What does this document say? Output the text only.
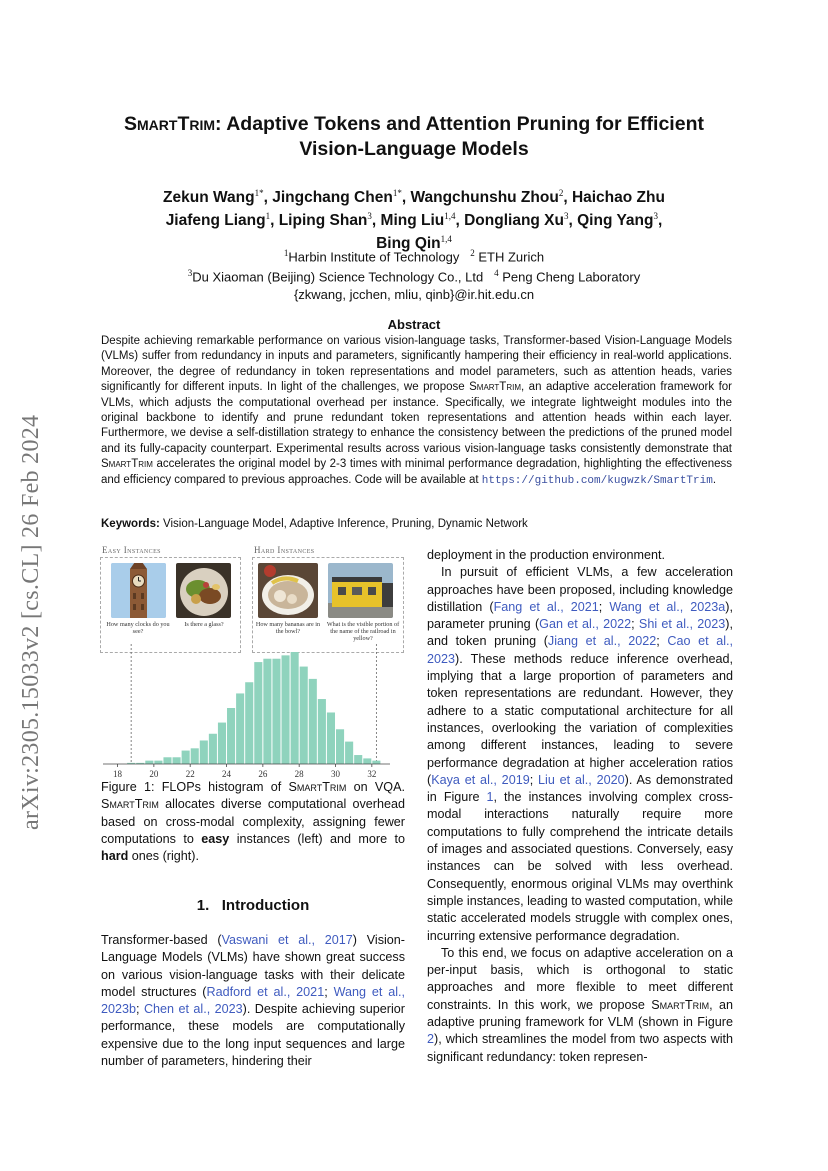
arXiv:2305.15033v2 [cs.CL] 26 Feb 2024
SmartTrim: Adaptive Tokens and Attention Pruning for Efficient
Vision-Language Models
Zekun Wang$^{1*}$, Jingchang Chen$^{1*}$, Wangchunshu Zhou$^2$, Haichao Zhu
Jiafeng Liang$^1$, Liping Shan$^3$, Ming Liu$^{1,4}$, Dongliang Xu$^3$, Qing Yang$^3$,
Bing Qin$^{1,4}$
$^1$Harbin Institute of Technology $^2$ ETH Zurich
$^3$Du Xiaoman (Beijing) Science Technology Co., Ltd $^4$ Peng Cheng Laboratory
{zkwang, jcchen, mliu, qinb}@ir.hit.edu.cn
Abstract
Despite achieving remarkable performance on various vision-language tasks, Transformer-based Vision-Language Models (VLMs) suffer from redundancy in inputs and parameters, significantly hampering their efficiency in real-world applications. Moreover, the degree of redundancy in token representations and model parameters, such as attention heads, varies significantly for different inputs. In light of the challenges, we propose SmartTrim, an adaptive acceleration framework for VLMs, which adjusts the computational overhead per instance. Specifically, we integrate lightweight modules into the original backbone to identify and prune redundant token representations and attention heads within each layer. Furthermore, we devise a self-distillation strategy to enhance the consistency between the predictions of the pruned model and its fully-capacity counterpart. Experimental results across various vision-language tasks consistently demonstrate that SmartTrim accelerates the original model by 2-3 times with minimal performance degradation, highlighting the effectiveness and efficiency compared to previous approaches. Code will be available at https://github.com/kugwzk/SmartTrim.
Keywords: Vision-Language Model, Adaptive Inference, Pruning, Dynamic Network
Easy Instances	Hard Instances
How many clocks do you see?
Is there a glass?	How many bananas are in the bowl?
What is the visible portion of the name of the railroad in yellow?
18	20	22	24	26	28	30	32
Figure 1: FLOPs histogram of SmartTrim on VQA. SmartTrim allocates diverse computational overhead based on cross-modal complexity, assigning fewer computations to easy instances (left) and more to hard ones (right).
1. Introduction
Transformer-based (Vaswani et al., 2017) Vision-Language Models (VLMs) have shown great success on various vision-language tasks with their delicate model structures (Radford et al., 2021; Wang et al., 2023b; Chen et al., 2023). Despite achieving superior performance, these models are computationally expensive due to the long input sequences and large number of parameters, hindering their

deployment in the production environment.

In pursuit of efficient VLMs, a few acceleration approaches have been proposed, including knowledge distillation (Fang et al., 2021; Wang et al., 2023a), parameter pruning (Gan et al., 2022; Shi et al., 2023), and token pruning (Jiang et al., 2022; Cao et al., 2023). These methods reduce inference overhead, implying that a large proportion of parameters and token representations are redundant. However, they adhere to a static computational architecture for all instances, overlooking the variation of complexities among different instances, leading to severe performance degradation at higher acceleration ratios (Kaya et al., 2019; Liu et al., 2020). As demonstrated in Figure 1, the instances involving complex cross-modal interactions naturally require more computations to fully comprehend the intricate details of images and associated questions. Conversely, easy instances can be solved with less overhead. Consequently, enormous original VLMs may overthink simple instances, leading to wasted computation, while static accelerated models struggle with complex ones, incurring extensive performance degradation.

To this end, we focus on adaptive acceleration on a per-input basis, which is orthogonal to static approaches and more flexible to meet different constraints. In this work, we propose SmartTrim, an adaptive pruning framework for VLM (shown in Figure 2), which streamlines the model from two aspects with significant redundancy: token represen-
